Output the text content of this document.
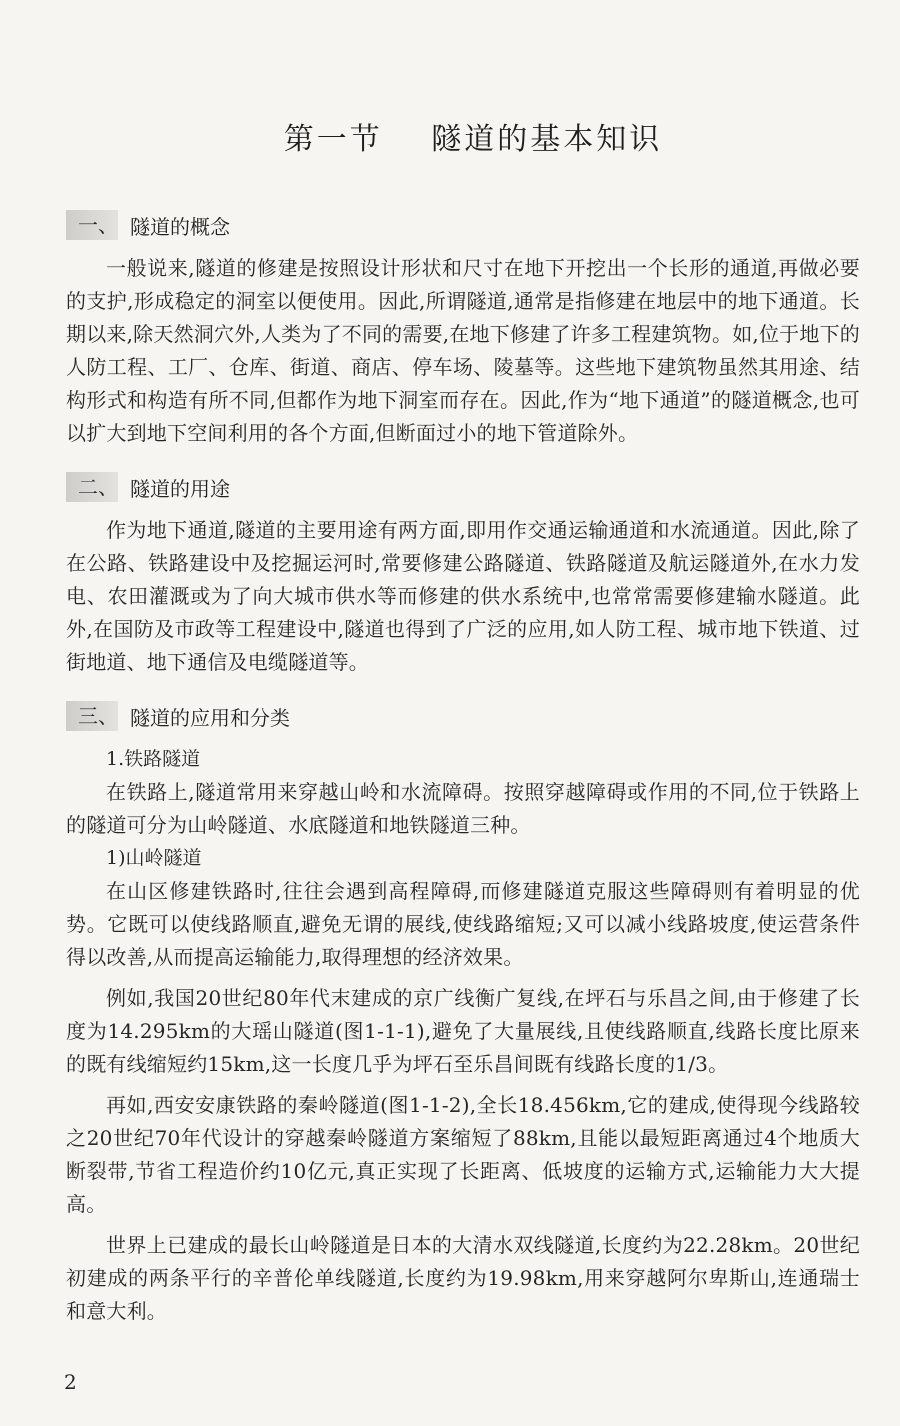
第一节 隧道的基本知识
一、 隧道的概念

一般说来,隧道的修建是按照设计形状和尺寸在地下开挖出一个长形的通道,再做必要的支护,形成稳定的洞室以便使用。因此,所谓隧道,通常是指修建在地层中的地下通道。长期以来,除天然洞穴外,人类为了不同的需要,在地下修建了许多工程建筑物。如,位于地下的人防工程、工厂、仓库、街道、商店、停车场、陵墓等。这些地下建筑物虽然其用途、结构形式和构造有所不同,但都作为地下洞室而存在。因此,作为“地下通道”的隧道概念,也可以扩大到地下空间利用的各个方面,但断面过小的地下管道除外。

二、 隧道的用途

作为地下通道,隧道的主要用途有两方面,即用作交通运输通道和水流通道。因此,除了在公路、铁路建设中及挖掘运河时,常要修建公路隧道、铁路隧道及航运隧道外,在水力发电、农田灌溉或为了向大城市供水等而修建的供水系统中,也常常需要修建输水隧道。此外,在国防及市政等工程建设中,隧道也得到了广泛的应用,如人防工程、城市地下铁道、过街地道、地下通信及电缆隧道等。

三、 隧道的应用和分类
1.铁路隧道

在铁路上,隧道常用来穿越山岭和水流障碍。按照穿越障碍或作用的不同,位于铁路上的隧道可分为山岭隧道、水底隧道和地铁隧道三种。

1)山岭隧道

在山区修建铁路时,往往会遇到高程障碍,而修建隧道克服这些障碍则有着明显的优势。它既可以使线路顺直,避免无谓的展线,使线路缩短;又可以减小线路坡度,使运营条件得以改善,从而提高运输能力,取得理想的经济效果。

例如,我国20世纪80年代末建成的京广线衡广复线,在坪石与乐昌之间,由于修建了长度为14.295km的大瑶山隧道(图1-1-1),避免了大量展线,且使线路顺直,线路长度比原来的既有线缩短约15km,这一长度几乎为坪石至乐昌间既有线路长度的1/3。

再如,西安安康铁路的秦岭隧道(图1-1-2),全长18.456km,它的建成,使得现今线路较之20世纪70年代设计的穿越秦岭隧道方案缩短了88km,且能以最短距离通过4个地质大断裂带,节省工程造价约10亿元,真正实现了长距离、低坡度的运输方式,运输能力大大提高。

世界上已建成的最长山岭隧道是日本的大清水双线隧道,长度约为22.28km。20世纪初建成的两条平行的辛普伦单线隧道,长度约为19.98km,用来穿越阿尔卑斯山,连通瑞士和意大利。

2
